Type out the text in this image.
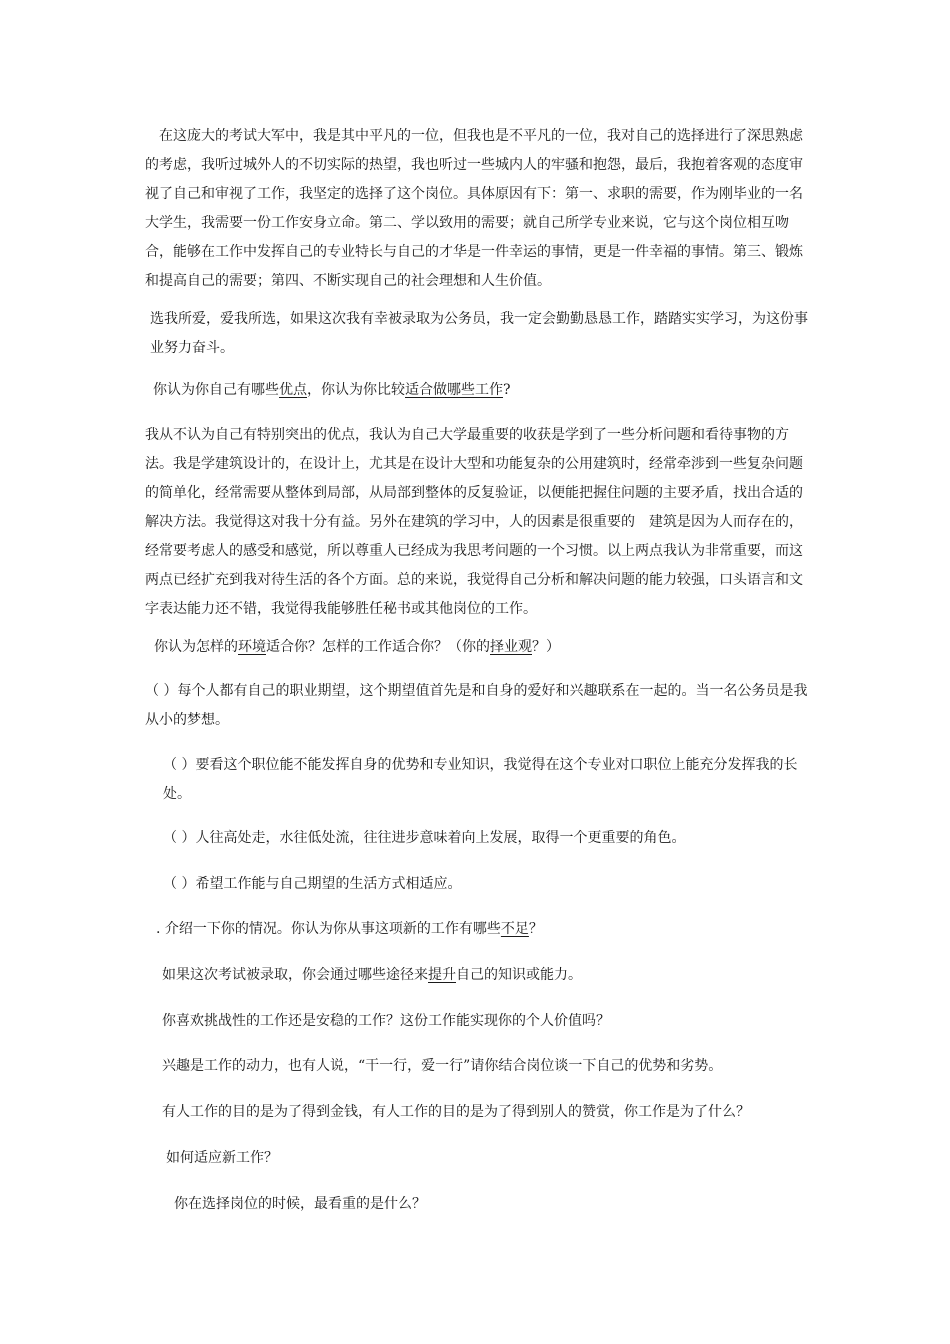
　在这庞大的考试大军中，我是其中平凡的一位，但我也是不平凡的一位，我对自己的选择进行了深思熟虑的考虑，我听过城外人的不切实际的热望，我也听过一些城内人的牢骚和抱怨，最后，我抱着客观的态度审视了自己和审视了工作，我坚定的选择了这个岗位。具体原因有下：第一、求职的需要，作为刚毕业的一名大学生，我需要一份工作安身立命。第二、学以致用的需要；就自己所学专业来说，它与这个岗位相互吻合，能够在工作中发挥自己的专业特长与自己的才华是一件幸运的事情，更是一件幸福的事情。第三、锻炼和提高自己的需要；第四、不断实现自己的社会理想和人生价值。

选我所爱，爱我所选，如果这次我有幸被录取为公务员，我一定会勤勤恳恳工作，踏踏实实学习，为这份事业努力奋斗。

你认为你自己有哪些优点，你认为你比较适合做哪些工作?

我从不认为自己有特别突出的优点，我认为自己大学最重要的收获是学到了一些分析问题和看待事物的方法。我是学建筑设计的，在设计上，尤其是在设计大型和功能复杂的公用建筑时，经常牵涉到一些复杂问题的简单化，经常需要从整体到局部，从局部到整体的反复验证，以便能把握住问题的主要矛盾，找出合适的解决方法。我觉得这对我十分有益。另外在建筑的学习中，人的因素是很重要的　建筑是因为人而存在的，经常要考虑人的感受和感觉，所以尊重人已经成为我思考问题的一个习惯。以上两点我认为非常重要，而这两点已经扩充到我对待生活的各个方面。总的来说，我觉得自己分析和解决问题的能力较强，口头语言和文字表达能力还不错，我觉得我能够胜任秘书或其他岗位的工作。

你认为怎样的环境适合你？怎样的工作适合你？（你的择业观？）

（ ）每个人都有自己的职业期望，这个期望值首先是和自身的爱好和兴趣联系在一起的。当一名公务员是我从小的梦想。

（ ）要看这个职位能不能发挥自身的优势和专业知识，我觉得在这个专业对口职位上能充分发挥我的长处。

（ ）人往高处走，水往低处流，往往进步意味着向上发展，取得一个更重要的角色。

（ ）希望工作能与自己期望的生活方式相适应。

. 介绍一下你的情况。你认为你从事这项新的工作有哪些不足？

如果这次考试被录取，你会通过哪些途径来提升自己的知识或能力。

你喜欢挑战性的工作还是安稳的工作？这份工作能实现你的个人价值吗？

兴趣是工作的动力，也有人说，“干一行，爱一行”请你结合岗位谈一下自己的优势和劣势。

有人工作的目的是为了得到金钱，有人工作的目的是为了得到别人的赞赏，你工作是为了什么？

如何适应新工作？

你在选择岗位的时候，最看重的是什么？
